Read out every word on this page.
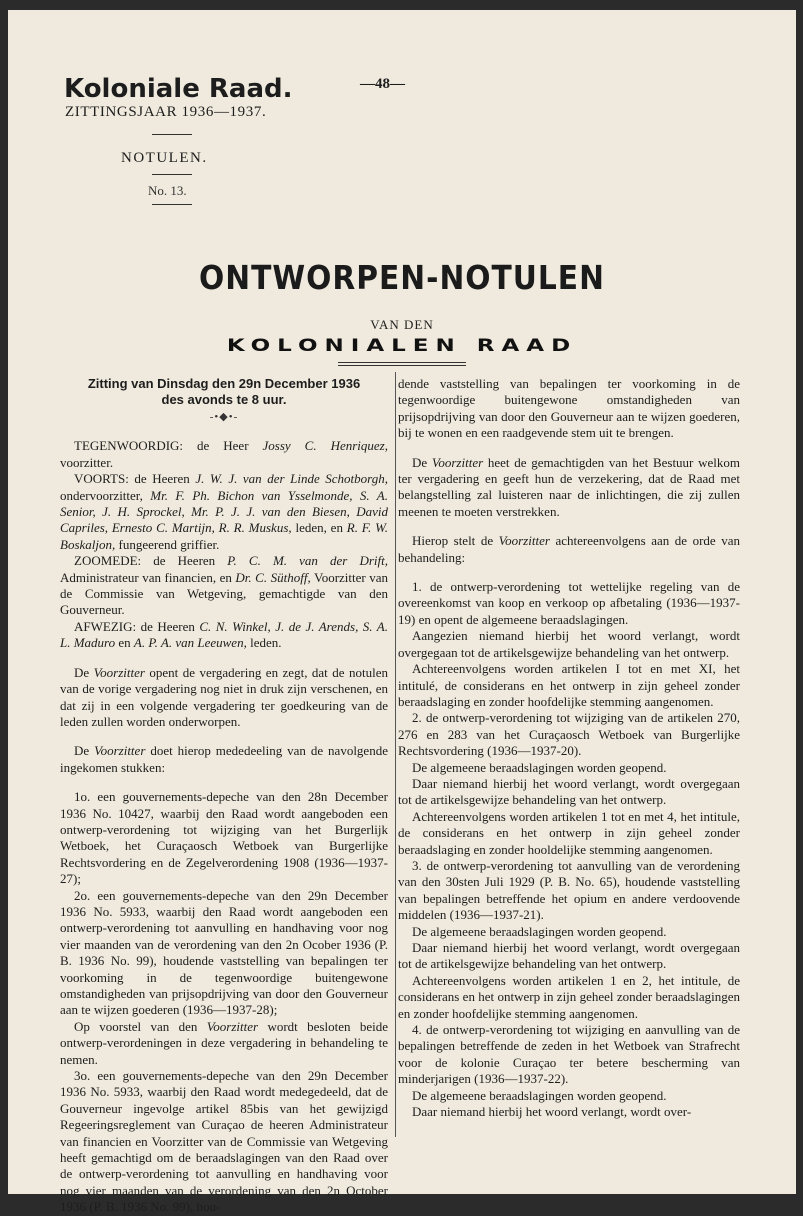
Koloniale Raad.	—48—
ZITTINGSJAAR 1936—1937.
NOTULEN.
No. 13.
ONTWORPEN-NOTULEN
VAN DEN
KOLONIALEN RAAD

Zitting van Dinsdag den 29n December 1936

des avonds te 8 uur.

-•◆•-

TEGENWOORDIG: de Heer Jossy C. Henriquez, voorzitter.

VOORTS: de Heeren J. W. J. van der Linde Schotborgh, ondervoorzitter, Mr. F. Ph. Bichon van Ysselmonde, S. A. Senior, J. H. Sprockel, Mr. P. J. J. van den Biesen, David Capriles, Ernesto C. Martijn, R. R. Muskus, leden, en R. F. W. Boskaljon, fungeerend griffier.

ZOOMEDE: de Heeren P. C. M. van der Drift, Administrateur van financien, en Dr. C. Süthoff, Voorzitter van de Commissie van Wetgeving, gemachtigde van den Gouverneur.

AFWEZIG: de Heeren C. N. Winkel, J. de J. Arends, S. A. L. Maduro en A. P. A. van Leeuwen, leden.

De Voorzitter opent de vergadering en zegt, dat de notulen van de vorige vergadering nog niet in druk zijn verschenen, en dat zij in een volgende vergadering ter goedkeuring van de leden zullen worden onderworpen.

De Voorzitter doet hierop mededeeling van de navolgende ingekomen stukken:

1o. een gouvernements-depeche van den 28n December 1936 No. 10427, waarbij den Raad wordt aangeboden een ontwerp-verordening tot wijziging van het Burgerlijk Wetboek, het Curaçaosch Wetboek van Burgerlijke Rechtsvordering en de Zegelverordening 1908 (1936—1937-27);

2o. een gouvernements-depeche van den 29n December 1936 No. 5933, waarbij den Raad wordt aangeboden een ontwerp-verordening tot aanvulling en handhaving voor nog vier maanden van de verordening van den 2n Ocober 1936 (P. B. 1936 No. 99), houdende vaststelling van bepalingen ter voorkoming in de tegenwoordige buitengewone omstandigheden van prijsopdrijving van door den Gouverneur aan te wijzen goederen (1936—1937-28);

Op voorstel van den Voorzitter wordt besloten beide ontwerp-verordeningen in deze vergadering in behandeling te nemen.

3o. een gouvernements-depeche van den 29n December 1936 No. 5933, waarbij den Raad wordt medegedeeld, dat de Gouverneur ingevolge artikel 85bis van het gewijzigd Regeeringsreglement van Curaçao de heeren Administrateur van financien en Voorzitter van de Commissie van Wetgeving heeft gemachtigd om de beraadslagingen van den Raad over de ontwerp-verordening tot aanvulling en handhaving voor nog vier maanden van de verordening van den 2n October 1936 (P. B. 1936 No. 99), hou-

dende vaststelling van bepalingen ter voorkoming in de tegenwoordige buitengewone omstandigheden van prijsopdrijving van door den Gouverneur aan te wijzen goederen, bij te wonen en een raadgevende stem uit te brengen.

De Voorzitter heet de gemachtigden van het Bestuur welkom ter vergadering en geeft hun de verzekering, dat de Raad met belangstelling zal luisteren naar de inlichtingen, die zij zullen meenen te moeten verstrekken.

Hierop stelt de Voorzitter achtereenvolgens aan de orde van behandeling:

1. de ontwerp-verordening tot wettelijke regeling van de overeenkomst van koop en verkoop op afbetaling (1936—1937-19) en opent de algemeene beraadslagingen.

Aangezien niemand hierbij het woord verlangt, wordt overgegaan tot de artikelsgewijze behandeling van het ontwerp.

Achtereenvolgens worden artikelen I tot en met XI, het intitulé, de considerans en het ontwerp in zijn geheel zonder beraadslaging en zonder hoofdelijke stemming aangenomen.

2. de ontwerp-verordening tot wijziging van de artikelen 270, 276 en 283 van het Curaçaosch Wetboek van Burgerlijke Rechtsvordering (1936—1937-20).

De algemeene beraadslagingen worden geopend.

Daar niemand hierbij het woord verlangt, wordt overgegaan tot de artikelsgewijze behandeling van het ontwerp.

Achtereenvolgens worden artikelen 1 tot en met 4, het intitule, de considerans en het ontwerp in zijn geheel zonder beraadslaging en zonder hooldelijke stemming aangenomen.

3. de ontwerp-verordening tot aanvulling van de verordening van den 30sten Juli 1929 (P. B. No. 65), houdende vaststelling van bepalingen betreffende het opium en andere verdoovende middelen (1936—1937-21).

De algemeene beraadslagingen worden geopend.

Daar niemand hierbij het woord verlangt, wordt overgegaan tot de artikelsgewijze behandeling van het ontwerp.

Achtereenvolgens worden artikelen 1 en 2, het intitule, de considerans en het ontwerp in zijn geheel zonder beraadslagingen en zonder hoofdelijke stemming aangenomen.

4. de ontwerp-verordening tot wijziging en aanvulling van de bepalingen betreffende de zeden in het Wetboek van Strafrecht voor de kolonie Curaçao ter betere bescherming van minderjarigen (1936—1937-22).

De algemeene beraadslagingen worden geopend.

Daar niemand hierbij het woord verlangt, wordt over-
